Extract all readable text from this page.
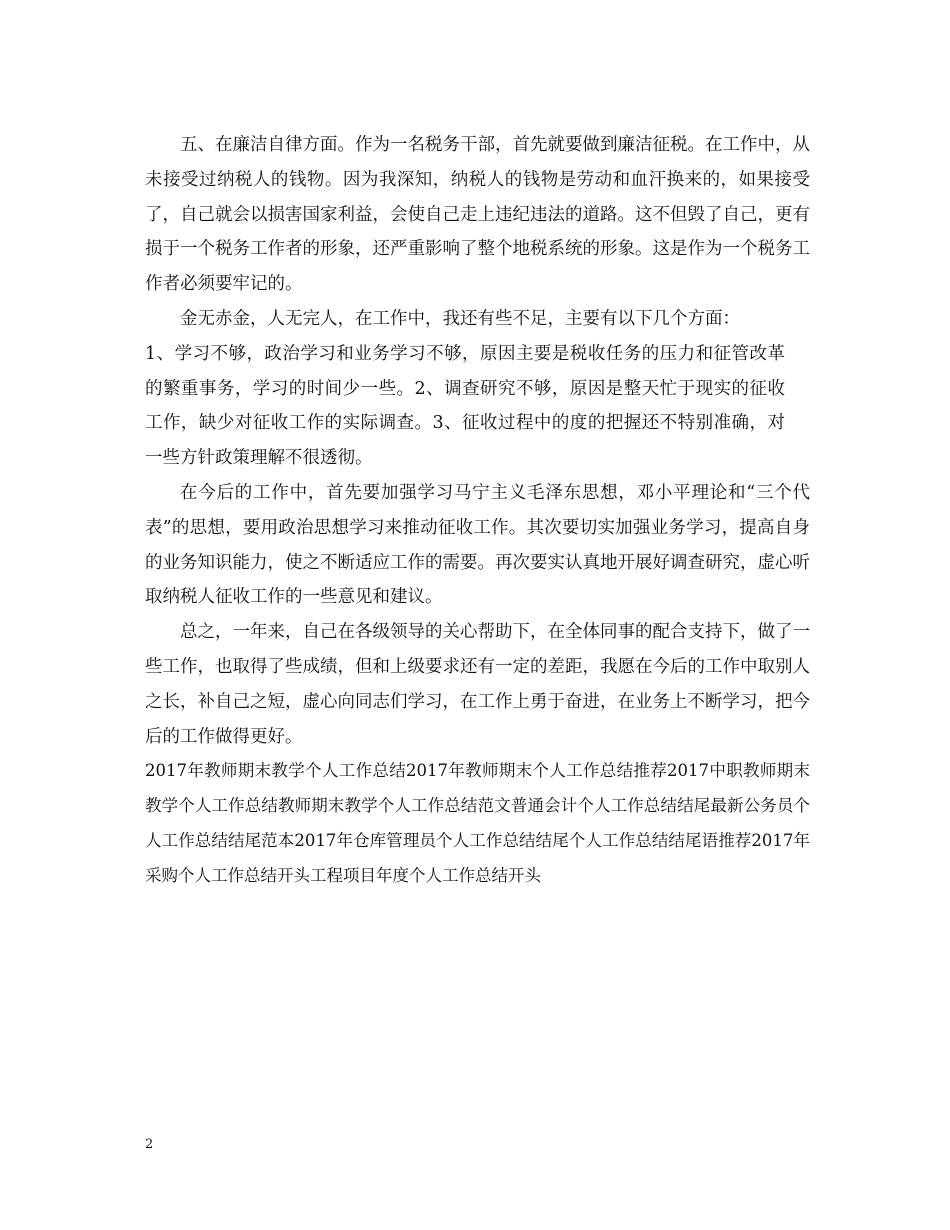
五、在廉洁自律方面。作为一名税务干部，首先就要做到廉洁征税。在工作中，从未接受过纳税人的钱物。因为我深知，纳税人的钱物是劳动和血汗换来的，如果接受了，自己就会以损害国家利益，会使自己走上违纪违法的道路。这不但毁了自己，更有损于一个税务工作者的形象，还严重影响了整个地税系统的形象。这是作为一个税务工作者必须要牢记的。

金无赤金，人无完人，在工作中，我还有些不足，主要有以下几个方面：

1、学习不够，政治学习和业务学习不够，原因主要是税收任务的压力和征管改革的繁重事务，学习的时间少一些。2、调查研究不够，原因是整天忙于现实的征收工作，缺少对征收工作的实际调查。3、征收过程中的度的把握还不特别准确，对一些方针政策理解不很透彻。

在今后的工作中，首先要加强学习马宁主义毛泽东思想，邓小平理论和“三个代表”的思想，要用政治思想学习来推动征收工作。其次要切实加强业务学习，提高自身的业务知识能力，使之不断适应工作的需要。再次要实认真地开展好调查研究，虚心听取纳税人征收工作的一些意见和建议。

总之，一年来，自己在各级领导的关心帮助下，在全体同事的配合支持下，做了一些工作，也取得了些成绩，但和上级要求还有一定的差距，我愿在今后的工作中取别人之长，补自己之短，虚心向同志们学习，在工作上勇于奋进，在业务上不断学习，把今后的工作做得更好。

2017年教师期末教学个人工作总结2017年教师期末个人工作总结推荐2017中职教师期末教学个人工作总结教师期末教学个人工作总结范文普通会计个人工作总结结尾最新公务员个人工作总结结尾范本2017年仓库管理员个人工作总结结尾个人工作总结结尾语推荐2017年采购个人工作总结开头工程项目年度个人工作总结开头

2
